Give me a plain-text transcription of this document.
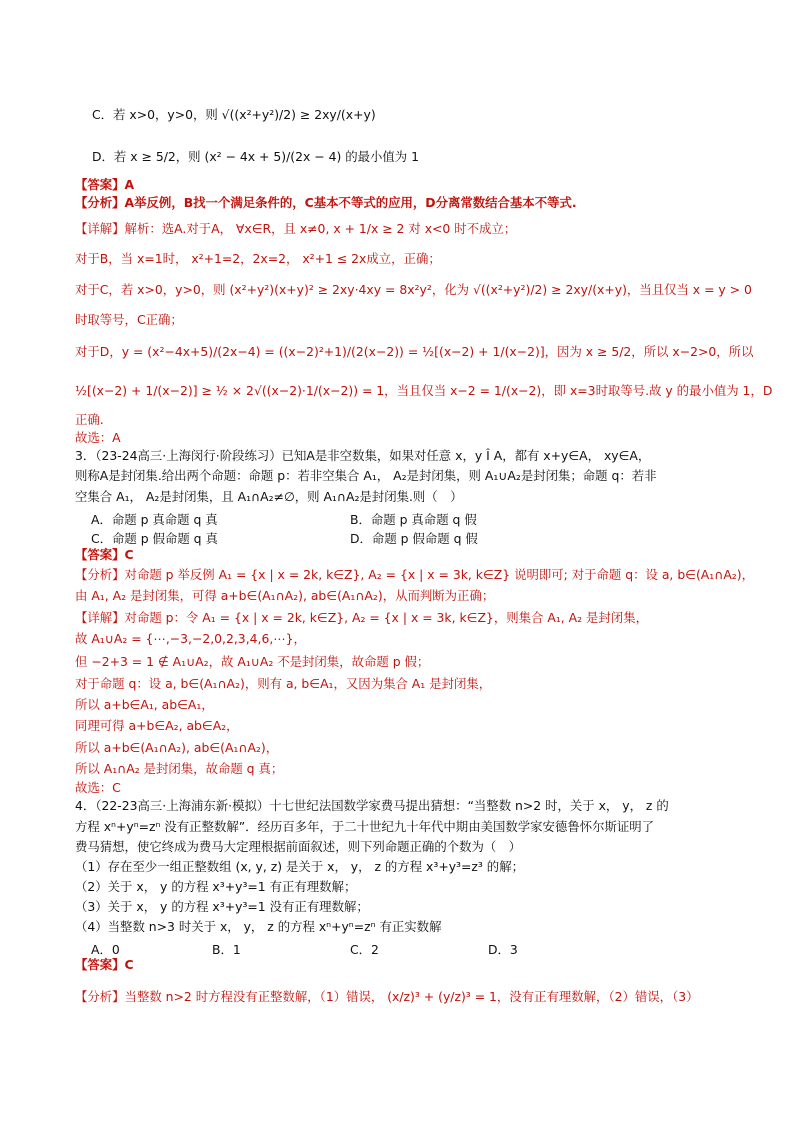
C．若 x>0，y>0，则 √((x²+y²)/2) ≥ 2xy/(x+y)
D．若 x ≥ 5/2，则 (x² − 4x + 5)/(2x − 4) 的最小值为 1
【答案】A
【分析】A举反例，B找一个满足条件的，C基本不等式的应用，D分离常数结合基本不等式.
【详解】解析：选A.对于A， ∀x∈R，且 x≠0, x + 1/x ≥ 2 对 x<0 时不成立；
对于B，当 x=1时， x²+1=2，2x=2， x²+1 ≤ 2x成立，正确；
对于C，若 x>0，y>0，则 (x²+y²)(x+y)² ≥ 2xy·4xy = 8x²y²，化为 √((x²+y²)/2) ≥ 2xy/(x+y)，当且仅当 x = y > 0
时取等号，C正确；
对于D，y = (x²−4x+5)/(2x−4) = ((x−2)²+1)/(2(x−2)) = ½[(x−2) + 1/(x−2)]，因为 x ≥ 5/2，所以 x−2>0，所以
½[(x−2) + 1/(x−2)] ≥ ½ × 2√((x−2)·1/(x−2)) = 1，当且仅当 x−2 = 1/(x−2)，即 x=3时取等号.故 y 的最小值为 1，D
正确.
故选：A
3．（23-24高三·上海闵行·阶段练习）已知A是非空数集，如果对任意 x，y Î A，都有 x+y∈A， xy∈A，
则称A是封闭集.给出两个命题：命题 p：若非空集合 A₁， A₂是封闭集，则 A₁∪A₂是封闭集；命题 q：若非
空集合 A₁， A₂是封闭集，且 A₁∩A₂≠∅，则 A₁∩A₂是封闭集.则（　）
A．命题 p 真命题 q 真	B．命题 p 真命题 q 假
C．命题 p 假命题 q 真	D．命题 p 假命题 q 假
【答案】C
【分析】对命题 p 举反例 A₁ = {x | x = 2k, k∈Z}, A₂ = {x | x = 3k, k∈Z} 说明即可; 对于命题 q：设 a, b∈(A₁∩A₂)，
由 A₁, A₂ 是封闭集，可得 a+b∈(A₁∩A₂), ab∈(A₁∩A₂)，从而判断为正确；
【详解】对命题 p：令 A₁ = {x | x = 2k, k∈Z}, A₂ = {x | x = 3k, k∈Z}，则集合 A₁, A₂ 是封闭集，
故 A₁∪A₂ = {⋯,−3,−2,0,2,3,4,6,⋯}，
但 −2+3 = 1 ∉ A₁∪A₂，故 A₁∪A₂ 不是封闭集，故命题 p 假；
对于命题 q：设 a, b∈(A₁∩A₂)，则有 a, b∈A₁，又因为集合 A₁ 是封闭集，
所以 a+b∈A₁, ab∈A₁，
同理可得 a+b∈A₂, ab∈A₂，
所以 a+b∈(A₁∩A₂), ab∈(A₁∩A₂)，
所以 A₁∩A₂ 是封闭集，故命题 q 真；
故选：C
4．（22-23高三·上海浦东新·模拟）十七世纪法国数学家费马提出猜想：“当整数 n>2 时，关于 x， y， z 的
方程 xⁿ+yⁿ=zⁿ 没有正整数解”．经历百多年，于二十世纪九十年代中期由美国数学家安德鲁怀尔斯证明了
费马猜想，使它终成为费马大定理根据前面叙述，则下列命题正确的个数为（　）
（1）存在至少一组正整数组 (x, y, z) 是关于 x， y， z 的方程 x³+y³=z³ 的解；
（2）关于 x， y 的方程 x³+y³=1 有正有理数解；
（3）关于 x， y 的方程 x³+y³=1 没有正有理数解；
（4）当整数 n>3 时关于 x， y， z 的方程 xⁿ+yⁿ=zⁿ 有正实数解
A．0	B．1	C．2	D．3
【答案】C
【分析】当整数 n>2 时方程没有正整数解，（1）错误， (x/z)³ + (y/z)³ = 1，没有正有理数解，（2）错误，（3）
